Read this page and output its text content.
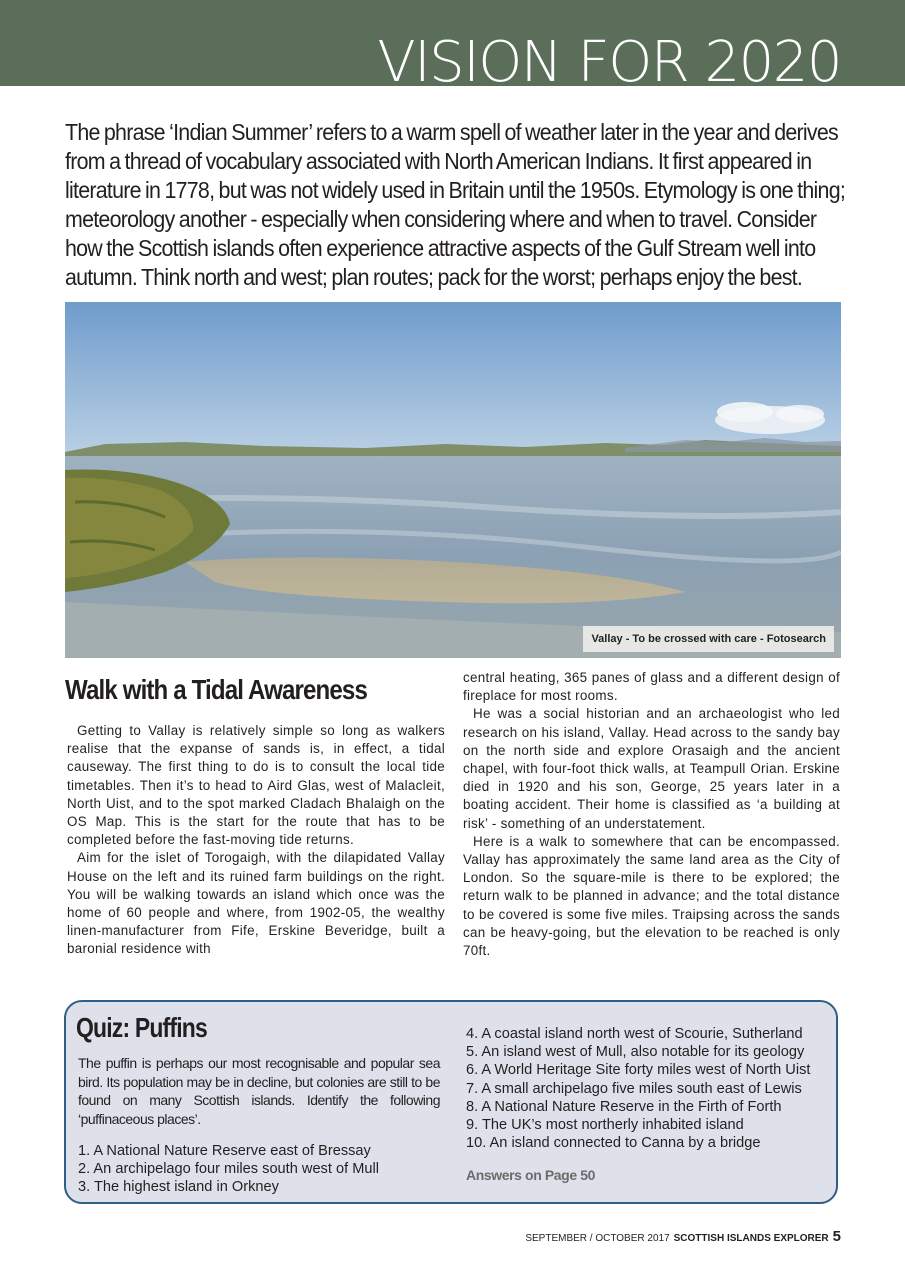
VISION FOR 2020
The phrase ‘Indian Summer’ refers to a warm spell of weather later in the year and derives from a thread of vocabulary associated with North American Indians. It first appeared in literature in 1778, but was not widely used in Britain until the 1950s. Etymology is one thing; meteorology another - especially when considering where and when to travel. Consider how the Scottish islands often experience attractive aspects of the Gulf Stream well into autumn. Think north and west; plan routes; pack for the worst; perhaps enjoy the best.
Vallay - To be crossed with care - Fotosearch
Walk with a Tidal Awareness

Getting to Vallay is relatively simple so long as walkers realise that the expanse of sands is, in effect, a tidal causeway. The first thing to do is to consult the local tide timetables. Then it’s to head to Aird Glas, west of Malacleit, North Uist, and to the spot marked Cladach Bhalaigh on the OS Map. This is the start for the route that has to be completed before the fast-moving tide returns.

Aim for the islet of Torogaigh, with the dilapidated Vallay House on the left and its ruined farm buildings on the right. You will be walking towards an island which once was the home of 60 people and where, from 1902-05, the wealthy linen-manufacturer from Fife, Erskine Beveridge, built a baronial residence with

central heating, 365 panes of glass and a different design of fireplace for most rooms.

He was a social historian and an archaeologist who led research on his island, Vallay. Head across to the sandy bay on the north side and explore Orasaigh and the ancient chapel, with four-foot thick walls, at Teampull Orian. Erskine died in 1920 and his son, George, 25 years later in a boating accident. Their home is classified as ‘a building at risk’ - something of an understatement.

Here is a walk to somewhere that can be encompassed. Vallay has approximately the same land area as the City of London. So the square-mile is there to be explored; the return walk to be planned in advance; and the total distance to be covered is some five miles. Traipsing across the sands can be heavy-going, but the elevation to be reached is only 70ft.

Quiz: Puffins
The puffin is perhaps our most recognisable and popular sea bird. Its population may be in decline, but colonies are still to be found on many Scottish islands. Identify the following ‘puffinaceous places’.
1. A National Nature Reserve east of Bressay
2. An archipelago four miles south west of Mull
3. The highest island in Orkney
4. A coastal island north west of Scourie, Sutherland
5. An island west of Mull, also notable for its geology
6. A World Heritage Site forty miles west of North Uist
7. A small archipelago five miles south east of Lewis
8. A National Nature Reserve in the Firth of Forth
9. The UK’s most northerly inhabited island
10. An island connected to Canna by a bridge
Answers on Page 50
SEPTEMBER / OCTOBER 2017 SCOTTISH ISLANDS EXPLORER 5
